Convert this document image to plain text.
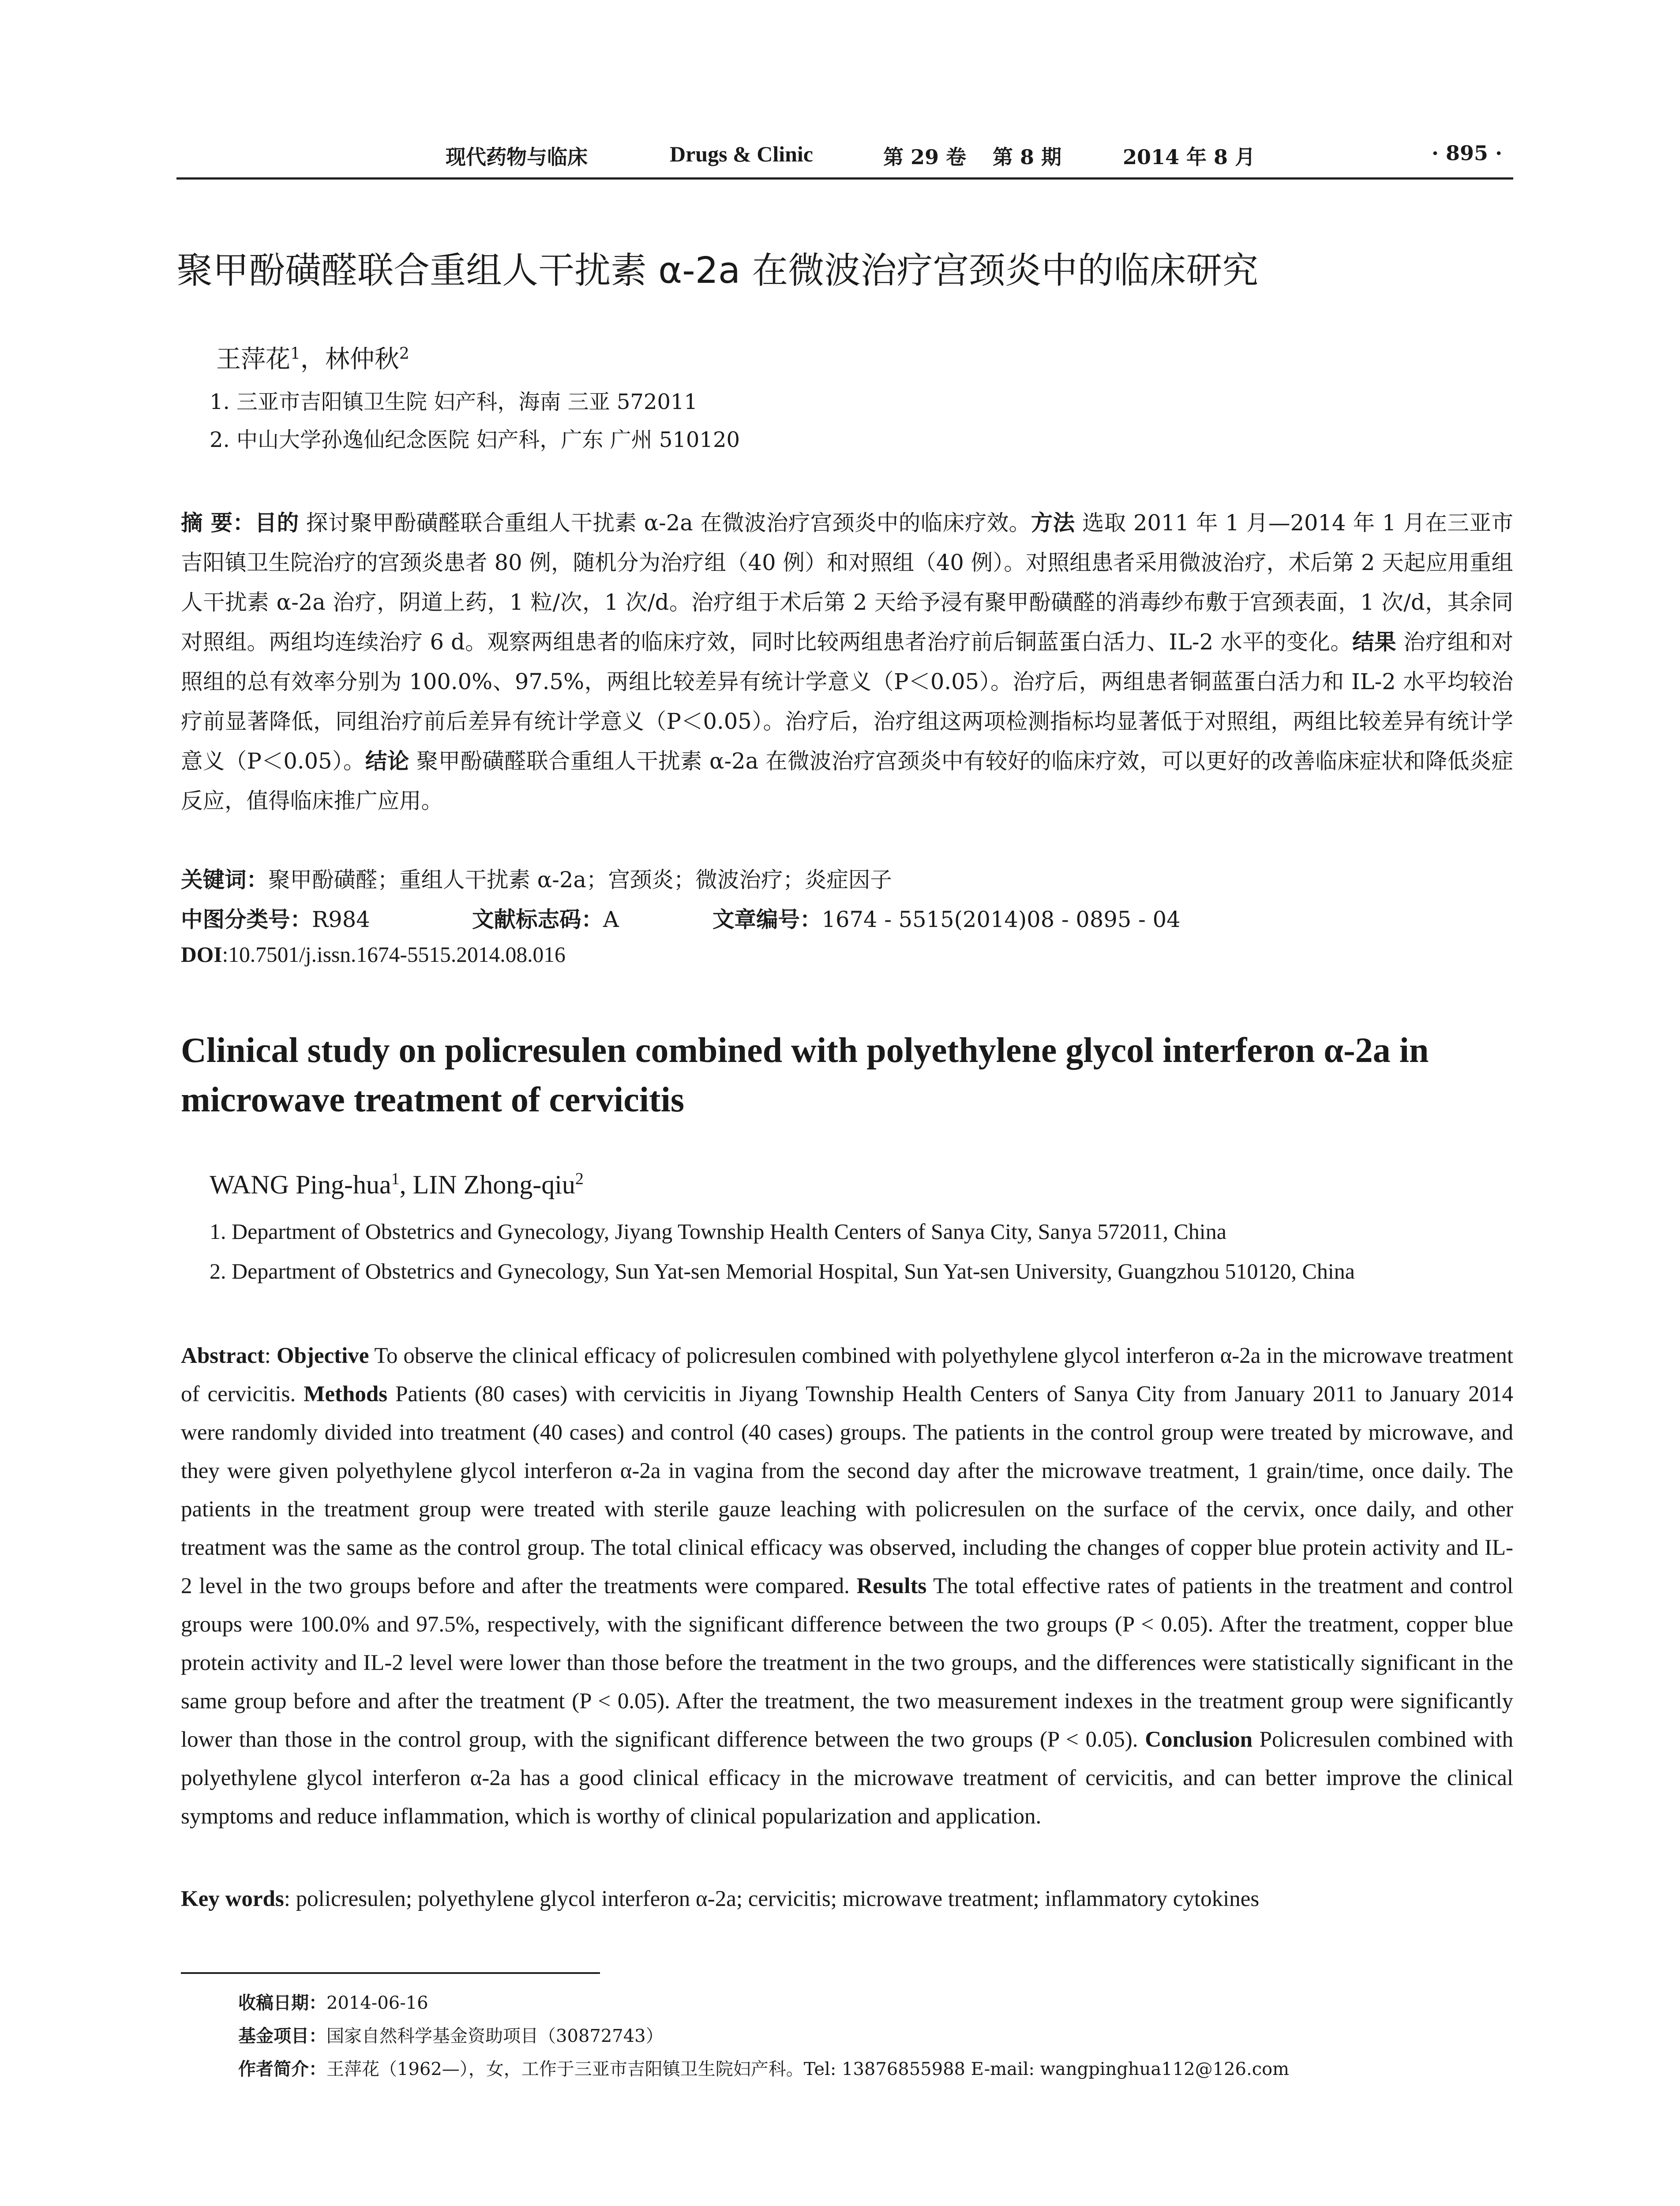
现代药物与临床	Drugs & Clinic	第 29 卷 第 8 期	2014 年 8 月	· 895 ·
聚甲酚磺醛联合重组人干扰素 α-2a 在微波治疗宫颈炎中的临床研究
王萍花$^1$，林仲秋$^2$
1. 三亚市吉阳镇卫生院 妇产科，海南 三亚 572011
2. 中山大学孙逸仙纪念医院 妇产科，广东 广州 510120
摘 要：目的 探讨聚甲酚磺醛联合重组人干扰素 α-2a 在微波治疗宫颈炎中的临床疗效。方法 选取 2011 年 1 月—2014 年 1 月在三亚市吉阳镇卫生院治疗的宫颈炎患者 80 例，随机分为治疗组（40 例）和对照组（40 例）。对照组患者采用微波治疗，术后第 2 天起应用重组人干扰素 α-2a 治疗，阴道上药，1 粒/次，1 次/d。治疗组于术后第 2 天给予浸有聚甲酚磺醛的消毒纱布敷于宫颈表面，1 次/d，其余同对照组。两组均连续治疗 6 d。观察两组患者的临床疗效，同时比较两组患者治疗前后铜蓝蛋白活力、IL-2 水平的变化。结果 治疗组和对照组的总有效率分别为 100.0%、97.5%，两组比较差异有统计学意义（P＜0.05）。治疗后，两组患者铜蓝蛋白活力和 IL-2 水平均较治疗前显著降低，同组治疗前后差异有统计学意义（P＜0.05）。治疗后，治疗组这两项检测指标均显著低于对照组，两组比较差异有统计学意义（P＜0.05）。结论 聚甲酚磺醛联合重组人干扰素 α-2a 在微波治疗宫颈炎中有较好的临床疗效，可以更好的改善临床症状和降低炎症反应，值得临床推广应用。
关键词：聚甲酚磺醛；重组人干扰素 α-2a；宫颈炎；微波治疗；炎症因子
中图分类号：R984	文献标志码：A	文章编号：1674 - 5515(2014)08 - 0895 - 04
DOI:10.7501/j.issn.1674-5515.2014.08.016
Clinical study on policresulen combined with polyethylene glycol interferon α-2a in microwave treatment of cervicitis
WANG Ping-hua$^1$, LIN Zhong-qiu$^2$
1. Department of Obstetrics and Gynecology, Jiyang Township Health Centers of Sanya City, Sanya 572011, China
2. Department of Obstetrics and Gynecology, Sun Yat-sen Memorial Hospital, Sun Yat-sen University, Guangzhou 510120, China
Abstract: Objective To observe the clinical efficacy of policresulen combined with polyethylene glycol interferon α-2a in the microwave treatment of cervicitis. Methods Patients (80 cases) with cervicitis in Jiyang Township Health Centers of Sanya City from January 2011 to January 2014 were randomly divided into treatment (40 cases) and control (40 cases) groups. The patients in the control group were treated by microwave, and they were given polyethylene glycol interferon α-2a in vagina from the second day after the microwave treatment, 1 grain/time, once daily. The patients in the treatment group were treated with sterile gauze leaching with policresulen on the surface of the cervix, once daily, and other treatment was the same as the control group. The total clinical efficacy was observed, including the changes of copper blue protein activity and IL-2 level in the two groups before and after the treatments were compared. Results The total effective rates of patients in the treatment and control groups were 100.0% and 97.5%, respectively, with the significant difference between the two groups (P < 0.05). After the treatment, copper blue protein activity and IL-2 level were lower than those before the treatment in the two groups, and the differences were statistically significant in the same group before and after the treatment (P < 0.05). After the treatment, the two measurement indexes in the treatment group were significantly lower than those in the control group, with the significant difference between the two groups (P < 0.05). Conclusion Policresulen combined with polyethylene glycol interferon α-2a has a good clinical efficacy in the microwave treatment of cervicitis, and can better improve the clinical symptoms and reduce inflammation, which is worthy of clinical popularization and application.
Key words: policresulen; polyethylene glycol interferon α-2a; cervicitis; microwave treatment; inflammatory cytokines
收稿日期：2014-06-16
基金项目：国家自然科学基金资助项目（30872743）
作者简介：王萍花（1962—），女，工作于三亚市吉阳镇卫生院妇产科。Tel: 13876855988 E-mail: wangpinghua112@126.com
